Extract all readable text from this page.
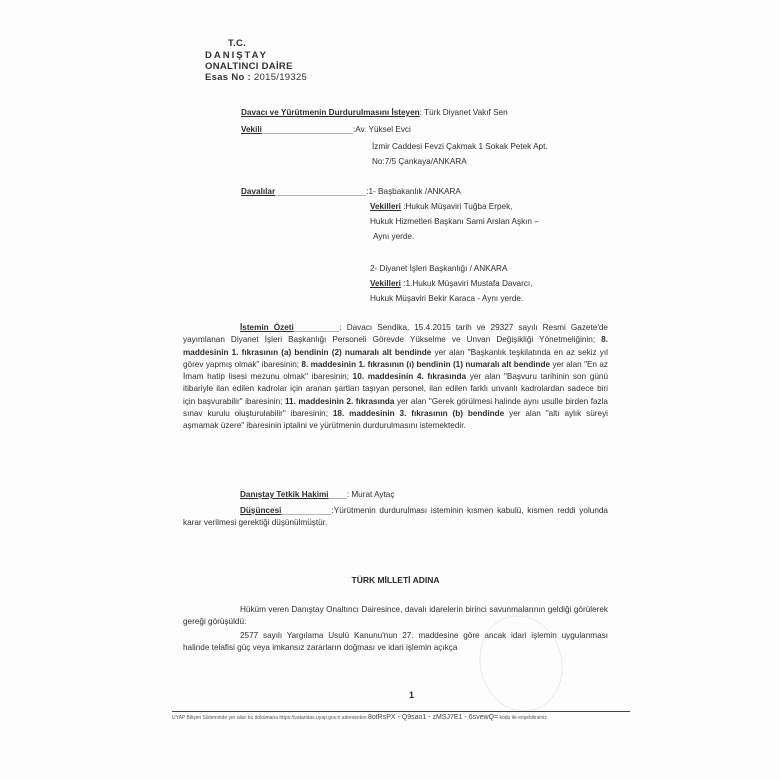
T.C.
DANIŞTAY
ONALTINCI DAİRE
Esas No : 2015/19325
Davacı ve Yürütmenin Durdurulmasını İsteyen: Türk Diyanet Vakıf Sen
Vekili____________________:Av. Yüksel Evci
İzmir Caddesi Fevzi Çakmak 1 Sokak Petek Apt.
No:7/5 Çankaya/ANKARA
Davalılar____________________:1- Başbakanlık /ANKARA
Vekilleri :Hukuk Müşaviri Tuğba Erpek,
Hukuk Hizmetleri Başkanı Sami Arslan Aşkın –
Aynı yerde.
2- Diyanet İşleri Başkanlığı / ANKARA
Vekilleri :1.Hukuk Müşaviri Mustafa Davarcı,
Hukuk Müşaviri Bekir Karaca - Aynı yerde.
İstemin Özeti__________: Davacı Sendika, 15.4.2015 tarih ve 29327 sayılı Resmi Gazete'de yayımlanan Diyanet İşleri Başkanlığı Personeli Görevde Yükselme ve Unvan Değişikliği Yönetmeliğinin; 8. maddesinin 1. fıkrasının (a) bendinin (2) numaralı alt bendinde yer alan "Başkanlık teşkilatında en az sekiz yıl görev yapmış olmak" ibaresinin; 8. maddesinin 1. fıkrasının (ı) bendinin (1) numaralı alt bendinde yer alan "En az İmam hatip lisesi mezunu olmak" ibaresinin; 10. maddesinin 4. fıkrasında yer alan "Başvuru tarihinin son günü itibariyle ilan edilen kadrolar için aranan şartları taşıyan personel, ilan edilen farklı unvanlı kadrolardan sadece biri için başvurabilir" ibaresinin; 11. maddesinin 2. fıkrasında yer alan "Gerek görülmesi halinde aynı usulle birden fazla sınav kurulu oluşturulabilir" ibaresinin; 18. maddesinin 3. fıkrasının (b) bendinde yer alan "altı aylık süreyi aşmamak üzere" ibaresinin iptalini ve yürütmenin durdurulmasını istemektedir.
Danıştay Tetkik Hakimi____: Murat Aytaç
Düşüncesi___________:Yürütmenin durdurulması isteminin kısmen kabulü, kısmen reddi yolunda karar verilmesi gerektiği düşünülmüştür.
TÜRK MİLLETİ ADINA
Hüküm veren Danıştay Onaltıncı Dairesince, davalı idarelerin birinci savunmalarının geldiği görülerek gereği görüşüldü:
2577 sayılı Yargılama Usulü Kanunu'nun 27. maddesine göre ancak idari işlemin uygulanması halinde telafisi güç veya imkansız zararların doğması ve idari işlemin açıkça
1
UYAP Bilişim Sisteminde yer alan bu dokümana https://vatandas.uyap.gov.tr adresinden 8otRsPX - Q9sao1 - zMSJ7E1 - 6svewQ= kodu ile erişebilirsiniz
